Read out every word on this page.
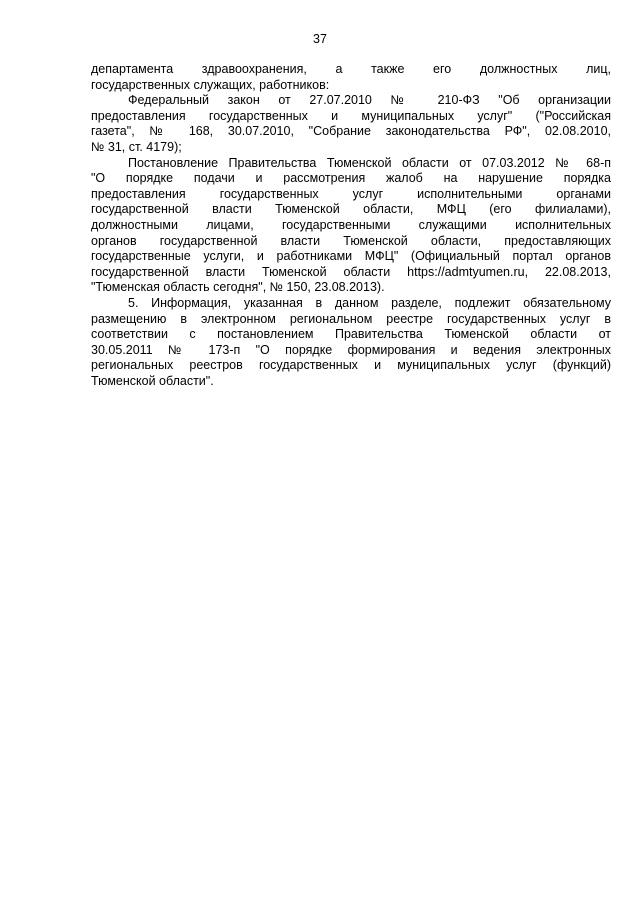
37

департамента здравоохранения, а также его должностных лиц,
государственных служащих, работников:

Федеральный закон от 27.07.2010 № 210-ФЗ "Об организации
предоставления государственных и муниципальных услуг" ("Российская
газета", № 168, 30.07.2010, "Собрание законодательства РФ", 02.08.2010,
№ 31, ст. 4179);

Постановление Правительства Тюменской области от 07.03.2012 № 68-п
"О порядке подачи и рассмотрения жалоб на нарушение порядка
предоставления государственных услуг исполнительными органами
государственной власти Тюменской области, МФЦ (его филиалами),
должностными лицами, государственными служащими исполнительных
органов государственной власти Тюменской области, предоставляющих
государственные услуги, и работниками МФЦ" (Официальный портал органов
государственной власти Тюменской области https://admtyumen.ru, 22.08.2013,
"Тюменская область сегодня", № 150, 23.08.2013).

5. Информация, указанная в данном разделе, подлежит обязательному
размещению в электронном региональном реестре государственных услуг в
соответствии с постановлением Правительства Тюменской области от
30.05.2011 № 173-п "О порядке формирования и ведения электронных
региональных реестров государственных и муниципальных услуг (функций)
Тюменской области".
